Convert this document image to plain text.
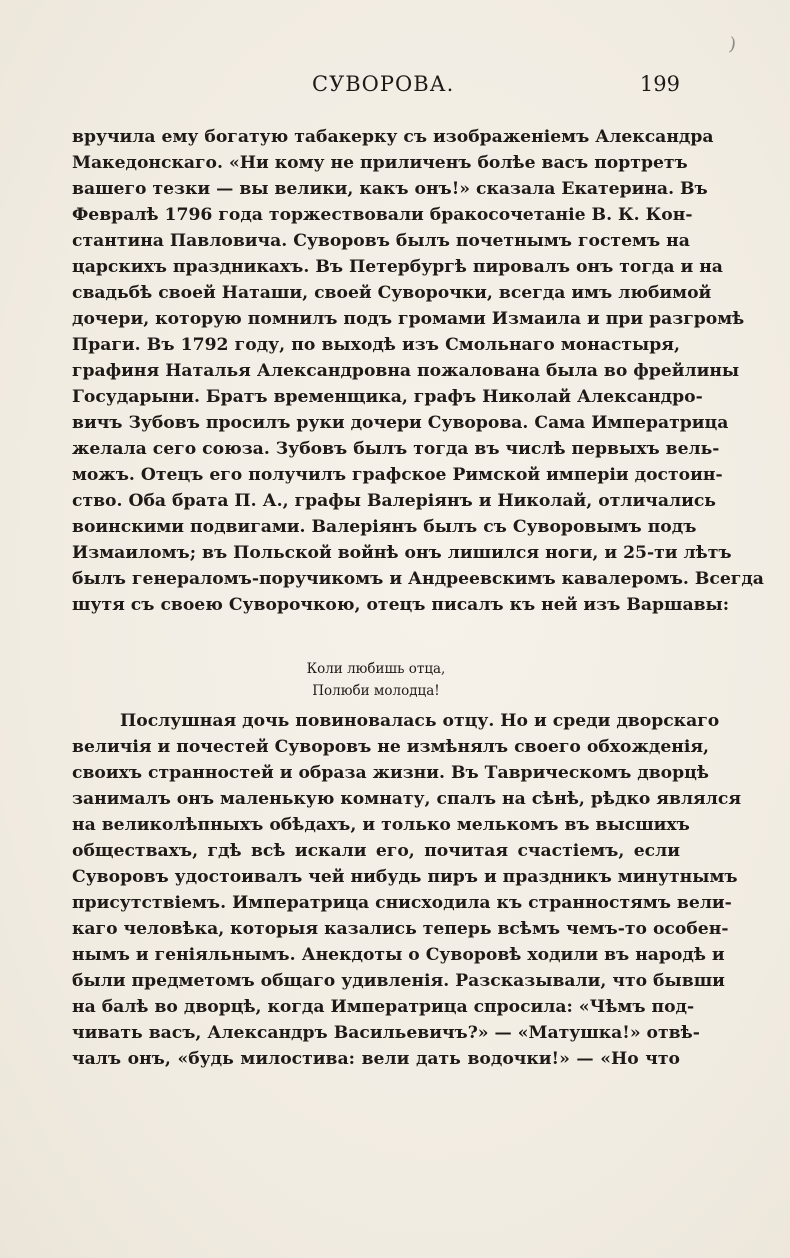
)
СУВОРОВА.	199
вручила ему богатую табакерку съ изображеніемъ Александра
Македонскаго. «Ни кому не приличенъ болѣе васъ портретъ
вашего тезки — вы велики, какъ онъ!» сказала Екатерина. Въ
Февралѣ 1796 года торжествовали бракосочетаніе В. К. Кон-
стантина Павловича. Суворовъ былъ почетнымъ гостемъ на
царскихъ праздникахъ. Въ Петербургѣ пировалъ онъ тогда и на
свадьбѣ своей Наташи, своей Суворочки, всегда имъ любимой
дочери, которую помнилъ подъ громами Измаила и при разгромѣ
Праги. Въ 1792 году, по выходѣ изъ Смольнаго монастыря,
графиня Наталья Александровна пожалована была во фрейлины
Государыни. Братъ временщика, графъ Николай Александро-
вичъ Зубовъ просилъ руки дочери Суворова. Сама Императрица
желала сего союза. Зубовъ былъ тогда въ числѣ первыхъ вель-
можъ. Отецъ его получилъ графское Римской имперіи достоин-
ство. Оба брата П. А., графы Валеріянъ и Николай, отличались
воинскими подвигами. Валеріянъ былъ съ Суворовымъ подъ
Измаиломъ; въ Польской войнѣ онъ лишился ноги, и 25-ти лѣтъ
былъ генераломъ-поручикомъ и Андреевскимъ кавалеромъ. Всегда
шутя съ своею Суворочкою, отецъ писалъ къ ней изъ Варшавы:
Коли любишь отца,
Полюби молодца!
Послушная дочь повиновалась отцу. Но и среди дворскаго
величія и почестей Суворовъ не измѣнялъ своего обхожденія,
своихъ странностей и образа жизни. Въ Таврическомъ дворцѣ
занималъ онъ маленькую комнату, спалъ на сѣнѣ, рѣдко являлся
на великолѣпныхъ обѣдахъ, и только мелькомъ въ высшихъ
обществахъ, гдѣ всѣ искали его, почитая счастіемъ, если
Суворовъ удостоивалъ чей нибудь пиръ и праздникъ минутнымъ
присутствіемъ. Императрица снисходила къ странностямъ вели-
каго человѣка, которыя казались теперь всѣмъ чемъ-то особен-
нымъ и геніяльнымъ. Анекдоты о Суворовѣ ходили въ народѣ и
были предметомъ общаго удивленія. Разсказывали, что бывши
на балѣ во дворцѣ, когда Императрица спросила: «Чѣмъ под-
чивать васъ, Александръ Васильевичъ?» — «Матушка!» отвѣ-
чалъ онъ, «будь милостива: вели дать водочки!» — «Но что
